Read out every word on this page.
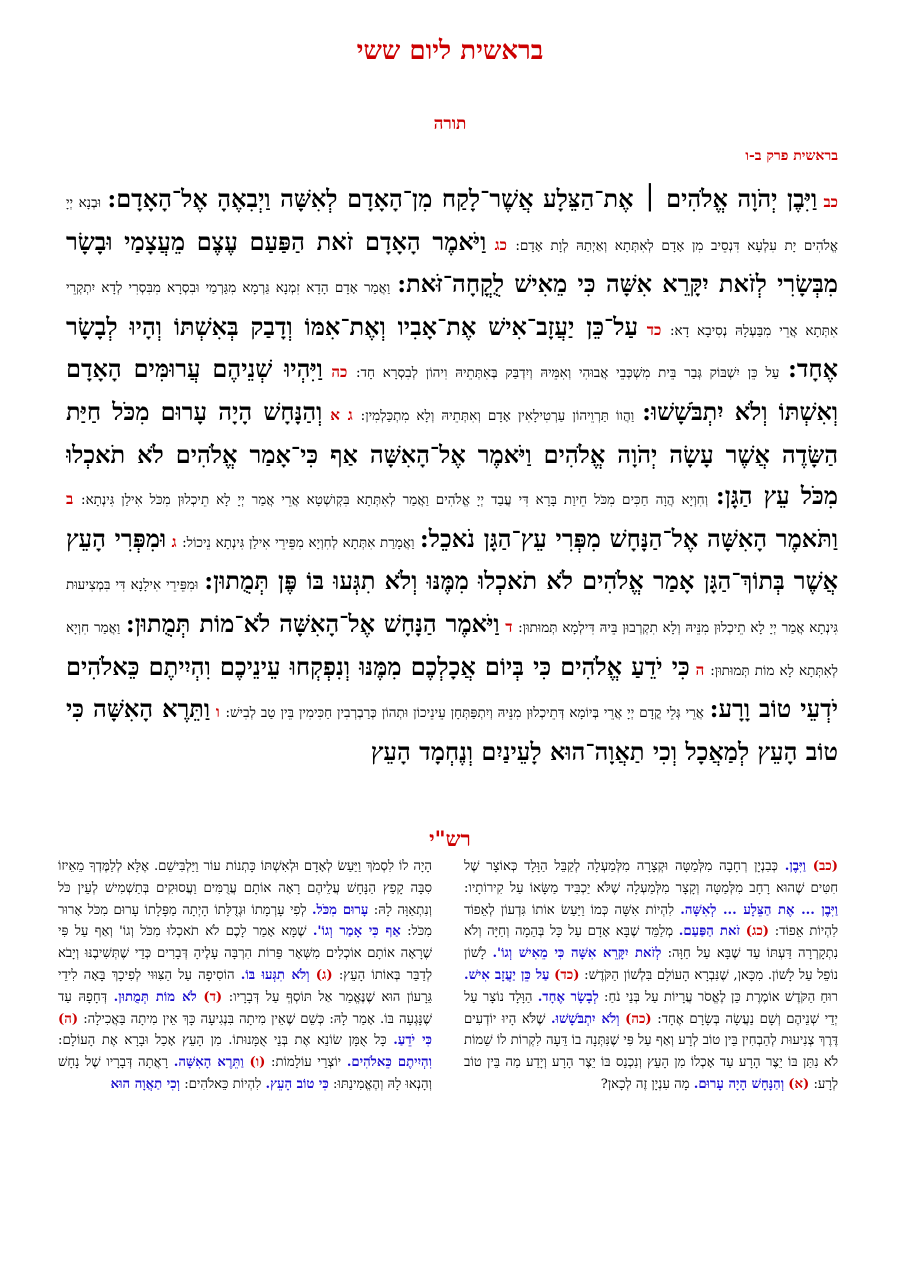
בראשית ליום ששי
תורה
בראשית פרק ב-ו
כב וַיִּבֶן יְהֹוָה אֱלֹהִים ׀ אֶת־הַצֵּלָע אֲשֶׁר־לָקַח מִן־הָאָדָם לְאִשָּׁה וַיְבִאֶהָ אֶל־הָאָדָם: וּבְנָא יְיָ אֱלֹהִים יָת עִלְעָא דִּנְסֵיב מִן אָדָם לְאִתְּתָא וְאַיְתַהּ לְוָת אָדָם: כג וַיֹּאמֶר הָאָדָם זֹאת הַפַּעַם עֶצֶם מֵעֲצָמַי וּבָשָׂר מִבְּשָׂרִי לְזֹאת יִקָּרֵא אִשָּׁה כִּי מֵאִישׁ לֻקֳחָה־זֹּאת: וַאֲמַר אָדָם הָדָא זִמְנָא גַּרְמָא מִגַּרְמַי וּבִסְרָא מִבִּסְרִי לְדָא יִתְקְרֵי אִתְּתָא אֲרֵי מִבַּעְלָהּ נְסִיבָא דָא: כד עַל־כֵּן יַעֲזָב־אִישׁ אֶת־אָבִיו וְאֶת־אִמּוֹ וְדָבַק בְּאִשְׁתּוֹ וְהָיוּ לְבָשָׂר אֶחָד: עַל כֵּן יִשְׁבּוֹק גְּבַר בֵּית מִשְׁכְּבֵי אֲבוּהִי וְאִמֵּיהּ וְיִדְבַּק בְּאִתְּתֵיהּ וִיהוֹן לְבִסְרָא חָד: כה וַיִּהְיוּ שְׁנֵיהֶם עֲרוּמִּים הָאָדָם וְאִשְׁתּוֹ וְלֹא יִתְבֹּשָׁשׁוּ: וַהֲווֹ תַּרְוֵיהוֹן עַרְטִילָאִין אָדָם וְאִתְּתֵיהּ וְלָא מִתְכַּלְמִין: ג א וְהַנָּחָשׁ הָיָה עָרוּם מִכֹּל חַיַּת הַשָּׂדֶה אֲשֶׁר עָשָׂה יְהֹוָה אֱלֹהִים וַיֹּאמֶר אֶל־הָאִשָּׁה אַף כִּי־אָמַר אֱלֹהִים לֹא תֹאכְלוּ מִכֹּל עֵץ הַגָּן: וְחִוְיָא הֲוָה חַכִּים מִכֹּל חֵיוַת בָּרָא דִּי עֲבַד יְיָ אֱלֹהִים וַאֲמַר לְאִתְּתָא בִּקְושְׁטָא אֲרֵי אֲמַר יְיָ לָא תֵיכְלוּן מִכֹּל אִילַן גִּינְתָא: ב וַתֹּאמֶר הָאִשָּׁה אֶל־הַנָּחָשׁ מִפְּרִי עֵץ־הַגָּן נֹאכֵל: וַאֲמָרַת אִתְּתָא לְחִוְיָא מִפֵּירֵי אִילַן גִּינְתָא נֵיכוֹל: ג וּמִפְּרִי הָעֵץ אֲשֶׁר בְּתוֹךְ־הַגָּן אָמַר אֱלֹהִים לֹא תֹאכְלוּ מִמֶּנּוּ וְלֹא תִגְּעוּ בּוֹ פֶּן תְּמֻתוּן: וּמִפֵּירֵי אִילָנָא דִּי בִּמְצִיעוּת גִּינְתָא אֲמַר יְיָ לָא תֵיכְלוּן מִנֵּיהּ וְלָא תִקְרְבוּן בֵּיהּ דִּילְמָא תְּמוּתוּן: ד וַיֹּאמֶר הַנָּחָשׁ אֶל־הָאִשָּׁה לֹא־מוֹת תְּמֻתוּן: וַאֲמַר חִוְיָא לְאִתְּתָא לָא מוֹת תְּמוּתוּן: ה כִּי יֹדֵעַ אֱלֹהִים כִּי בְּיוֹם אֲכָלְכֶם מִמֶּנּוּ וְנִפְקְחוּ עֵינֵיכֶם וִהְיִיתֶם כֵּאלֹהִים יֹדְעֵי טוֹב וָרָע: אֲרֵי גְּלֵי קֳדָם יְיָ אֲרֵי בְּיוֹמָא דְּתֵיכְלוּן מִנֵּיהּ וְיִתְפַּתְּחָן עֵינֵיכוֹן וּתְהוֹן כְּרַבְרְבִין חַכִּימִין בֵּין טַב לְבִישׁ: ו וַתֵּרֶא הָאִשָּׁה כִּי טוֹב הָעֵץ לְמַאֲכָל וְכִי תַאֲוָה־הוּא לָעֵינַיִם וְנֶחְמָד הָעֵץ
רש"י
(כב) וַיִּבֶן. כְּבִנְיָן רְחָבָה מִלְּמַטָּה וּקְצָרָה מִלְּמַעְלָה לְקַבֵּל הַוָּלָד כְּאוֹצָר שֶׁל חִטִּים שֶׁהוּא רָחָב מִלְּמַטָּה וְקָצָר מִלְּמַעְלָה שֶׁלֹּא יַכְבִּיד מַשָּׂאוֹ עַל קִירוֹתָיו: וַיִּבֶן ... אֶת הַצֵּלָע ... לְאִשָּׁה. לִהְיוֹת אִשָּׁה כְּמוֹ וַיַּעַשׂ אוֹתוֹ גִּדְעוֹן לְאֵפוֹד לִהְיוֹת אֵפוֹד: (כג) זֹאת הַפַּעַם. מְלַמֵּד שֶׁבָּא אָדָם עַל כָּל בְּהֵמָה וְחַיָּה וְלֹא נִתְקָרְרָה דַּעְתּוֹ עַד שֶׁבָּא עַל חַוָּה: לְזֹאת יִקָּרֵא אִשָּׁה כִּי מֵאִישׁ וְגוֹ'. לָשׁוֹן נוֹפֵל עַל לָשׁוֹן. מִכָּאן, שֶׁנִּבְרָא הָעוֹלָם בִּלְשׁוֹן הַקֹּדֶשׁ: (כד) עַל כֵּן יַעֲזָב אִישׁ. רוּחַ הַקֹּדֶשׁ אוֹמֶרֶת כֵּן לֶאֱסֹר עֲרָיוֹת עַל בְּנֵי נֹחַ: לְבָשָׂר אֶחָד. הַוָּלָד נוֹצָר עַל יְדֵי שְׁנֵיהֶם וְשָׁם נַעֲשָׂה בְּשָׂרָם אֶחָד: (כה) וְלֹא יִתְבֹּשָׁשׁוּ. שֶׁלֹּא הָיוּ יוֹדְעִים דֶּרֶךְ צְנִיעוּת לְהַבְחִין בֵּין טוֹב לְרָע וְאַף עַל פִּי שֶׁנִּתְּנָה בוֹ דֵּעָה לִקְרוֹת לוֹ שֵׁמוֹת לֹא נִתַּן בּוֹ יֵצֶר הָרָע עַד אָכְלוֹ מִן הָעֵץ וְנִכְנַס בּוֹ יֵצֶר הָרָע וְיָדַע מַה בֵּין טוֹב לְרָע: (א) וְהַנָּחָשׁ הָיָה עָרוּם. מָה עִנְיָן זֶה לְכָאן?
הָיָה לוֹ לִסְמֹךְ וַיַּעַשׂ לְאָדָם וּלְאִשְׁתּוֹ כָּתְנוֹת עוֹר וַיַּלְבִּישֵׁם. אֶלָּא לְלַמֶּדְךָ מֵאֵיזוֹ סִבָּה קָפַץ הַנָּחָשׁ עֲלֵיהֶם רָאָה אוֹתָם עֲרֻמִּים וַעֲסוּקִים בְּתַשְׁמִישׁ לְעֵין כֹּל וְנִתְאַוָּה לָהּ: עָרוּם מִכֹּל. לְפִי עָרְמָתוֹ וּגְדֻלָּתוֹ הָיְתָה מַפָּלָתוֹ עָרוּם מִכֹּל אָרוּר מִכֹּל: אַף כִּי אָמַר וְגוֹ'. שֶׁמָּא אָמַר לָכֶם לֹא תֹאכְלוּ מִכֹּל וְגוֹ' וְאַף עַל פִּי שֶׁרָאָה אוֹתָם אוֹכְלִים מִשְּׁאָר פֵּרוֹת הִרְבָּה עָלֶיהָ דְּבָרִים כְּדֵי שֶׁתְּשִׁיבֶנּוּ וְיָבֹא לְדַבֵּר בְּאוֹתוֹ הָעֵץ: (ג) וְלֹא תִגְּעוּ בּוֹ. הוֹסִיפָה עַל הַצִּוּוּי לְפִיכָךְ בָּאָה לִידֵי גֵּרָעוֹן הוּא שֶׁנֶּאֱמַר אַל תּוֹסְףְּ עַל דְּבָרָיו: (ד) לֹא מוֹת תְּמֻתוּן. דְּחָפָהּ עַד שֶׁנָּגְעָה בּוֹ. אָמַר לָהּ: כְּשֵׁם שֶׁאֵין מִיתָה בִּנְגִיעָה כָּךְ אֵין מִיתָה בַּאֲכִילָה: (ה) כִּי יֹדֵעַ. כָּל אֻמָּן שׂוֹנֵא אֶת בְּנֵי אֻמָּנוּתוֹ. מִן הָעֵץ אָכַל וּבָרָא אֶת הָעוֹלָם: וִהְיִיתֶם כֵּאלֹהִים. יוֹצְרֵי עוֹלָמוֹת: (ו) וַתֵּרֶא הָאִשָּׁה. רָאֲתָה דְּבָרָיו שֶׁל נָחָשׁ וְהָנְאוּ לָהּ וְהֶאֱמִינַתּוּ: כִּי טוֹב הָעֵץ. לִהְיוֹת כֵּאלֹהִים: וְכִי תַאֲוָה הוּא
